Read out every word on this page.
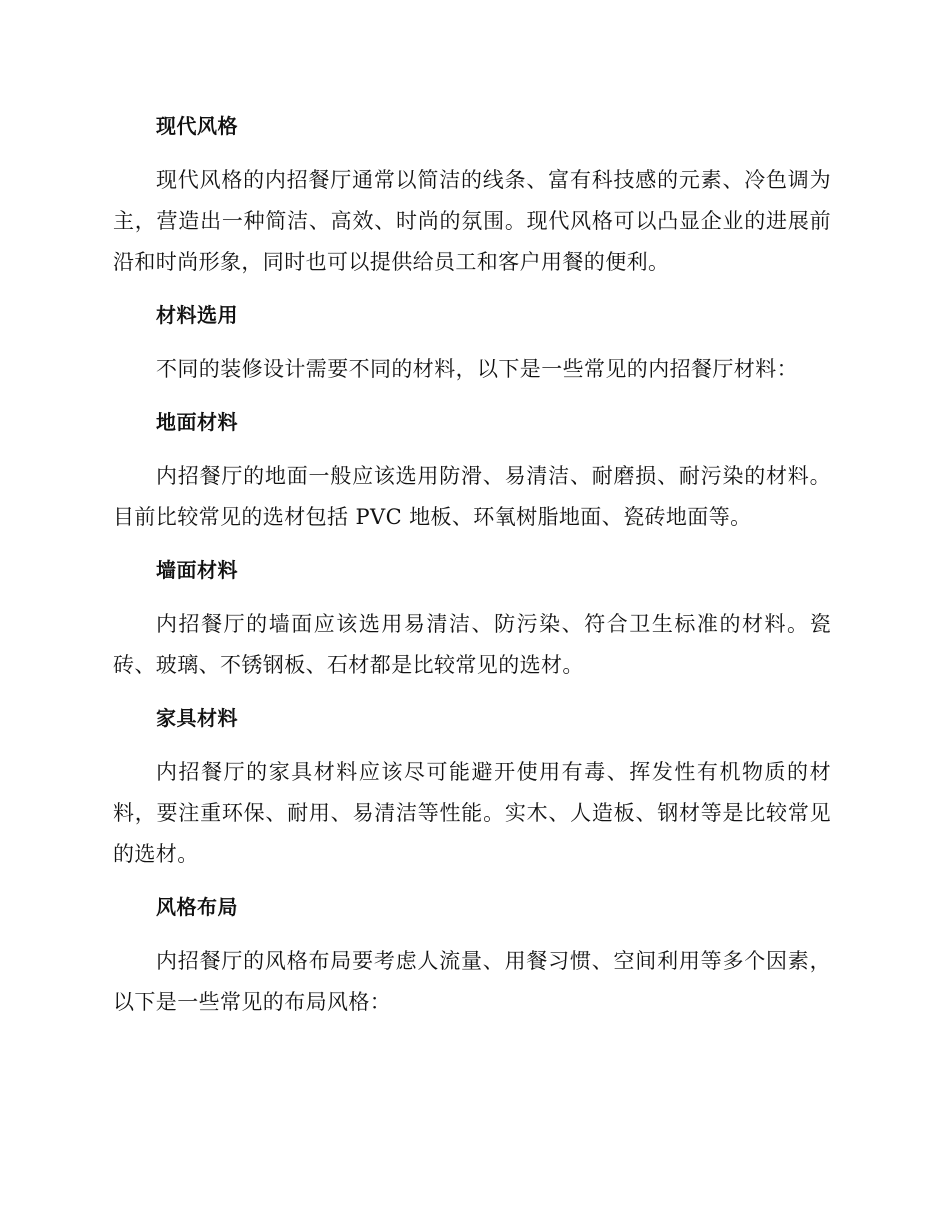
现代风格

现代风格的内招餐厅通常以简洁的线条、富有科技感的元素、冷色调为主，营造出一种简洁、高效、时尚的氛围。现代风格可以凸显企业的进展前沿和时尚形象，同时也可以提供给员工和客户用餐的便利。

材料选用

不同的装修设计需要不同的材料，以下是一些常见的内招餐厅材料：

地面材料

内招餐厅的地面一般应该选用防滑、易清洁、耐磨损、耐污染的材料。目前比较常见的选材包括 PVC 地板、环氧树脂地面、瓷砖地面等。

墙面材料

内招餐厅的墙面应该选用易清洁、防污染、符合卫生标准的材料。瓷砖、玻璃、不锈钢板、石材都是比较常见的选材。

家具材料

内招餐厅的家具材料应该尽可能避开使用有毒、挥发性有机物质的材料，要注重环保、耐用、易清洁等性能。实木、人造板、钢材等是比较常见的选材。

风格布局

内招餐厅的风格布局要考虑人流量、用餐习惯、空间利用等多个因素，以下是一些常见的布局风格：
